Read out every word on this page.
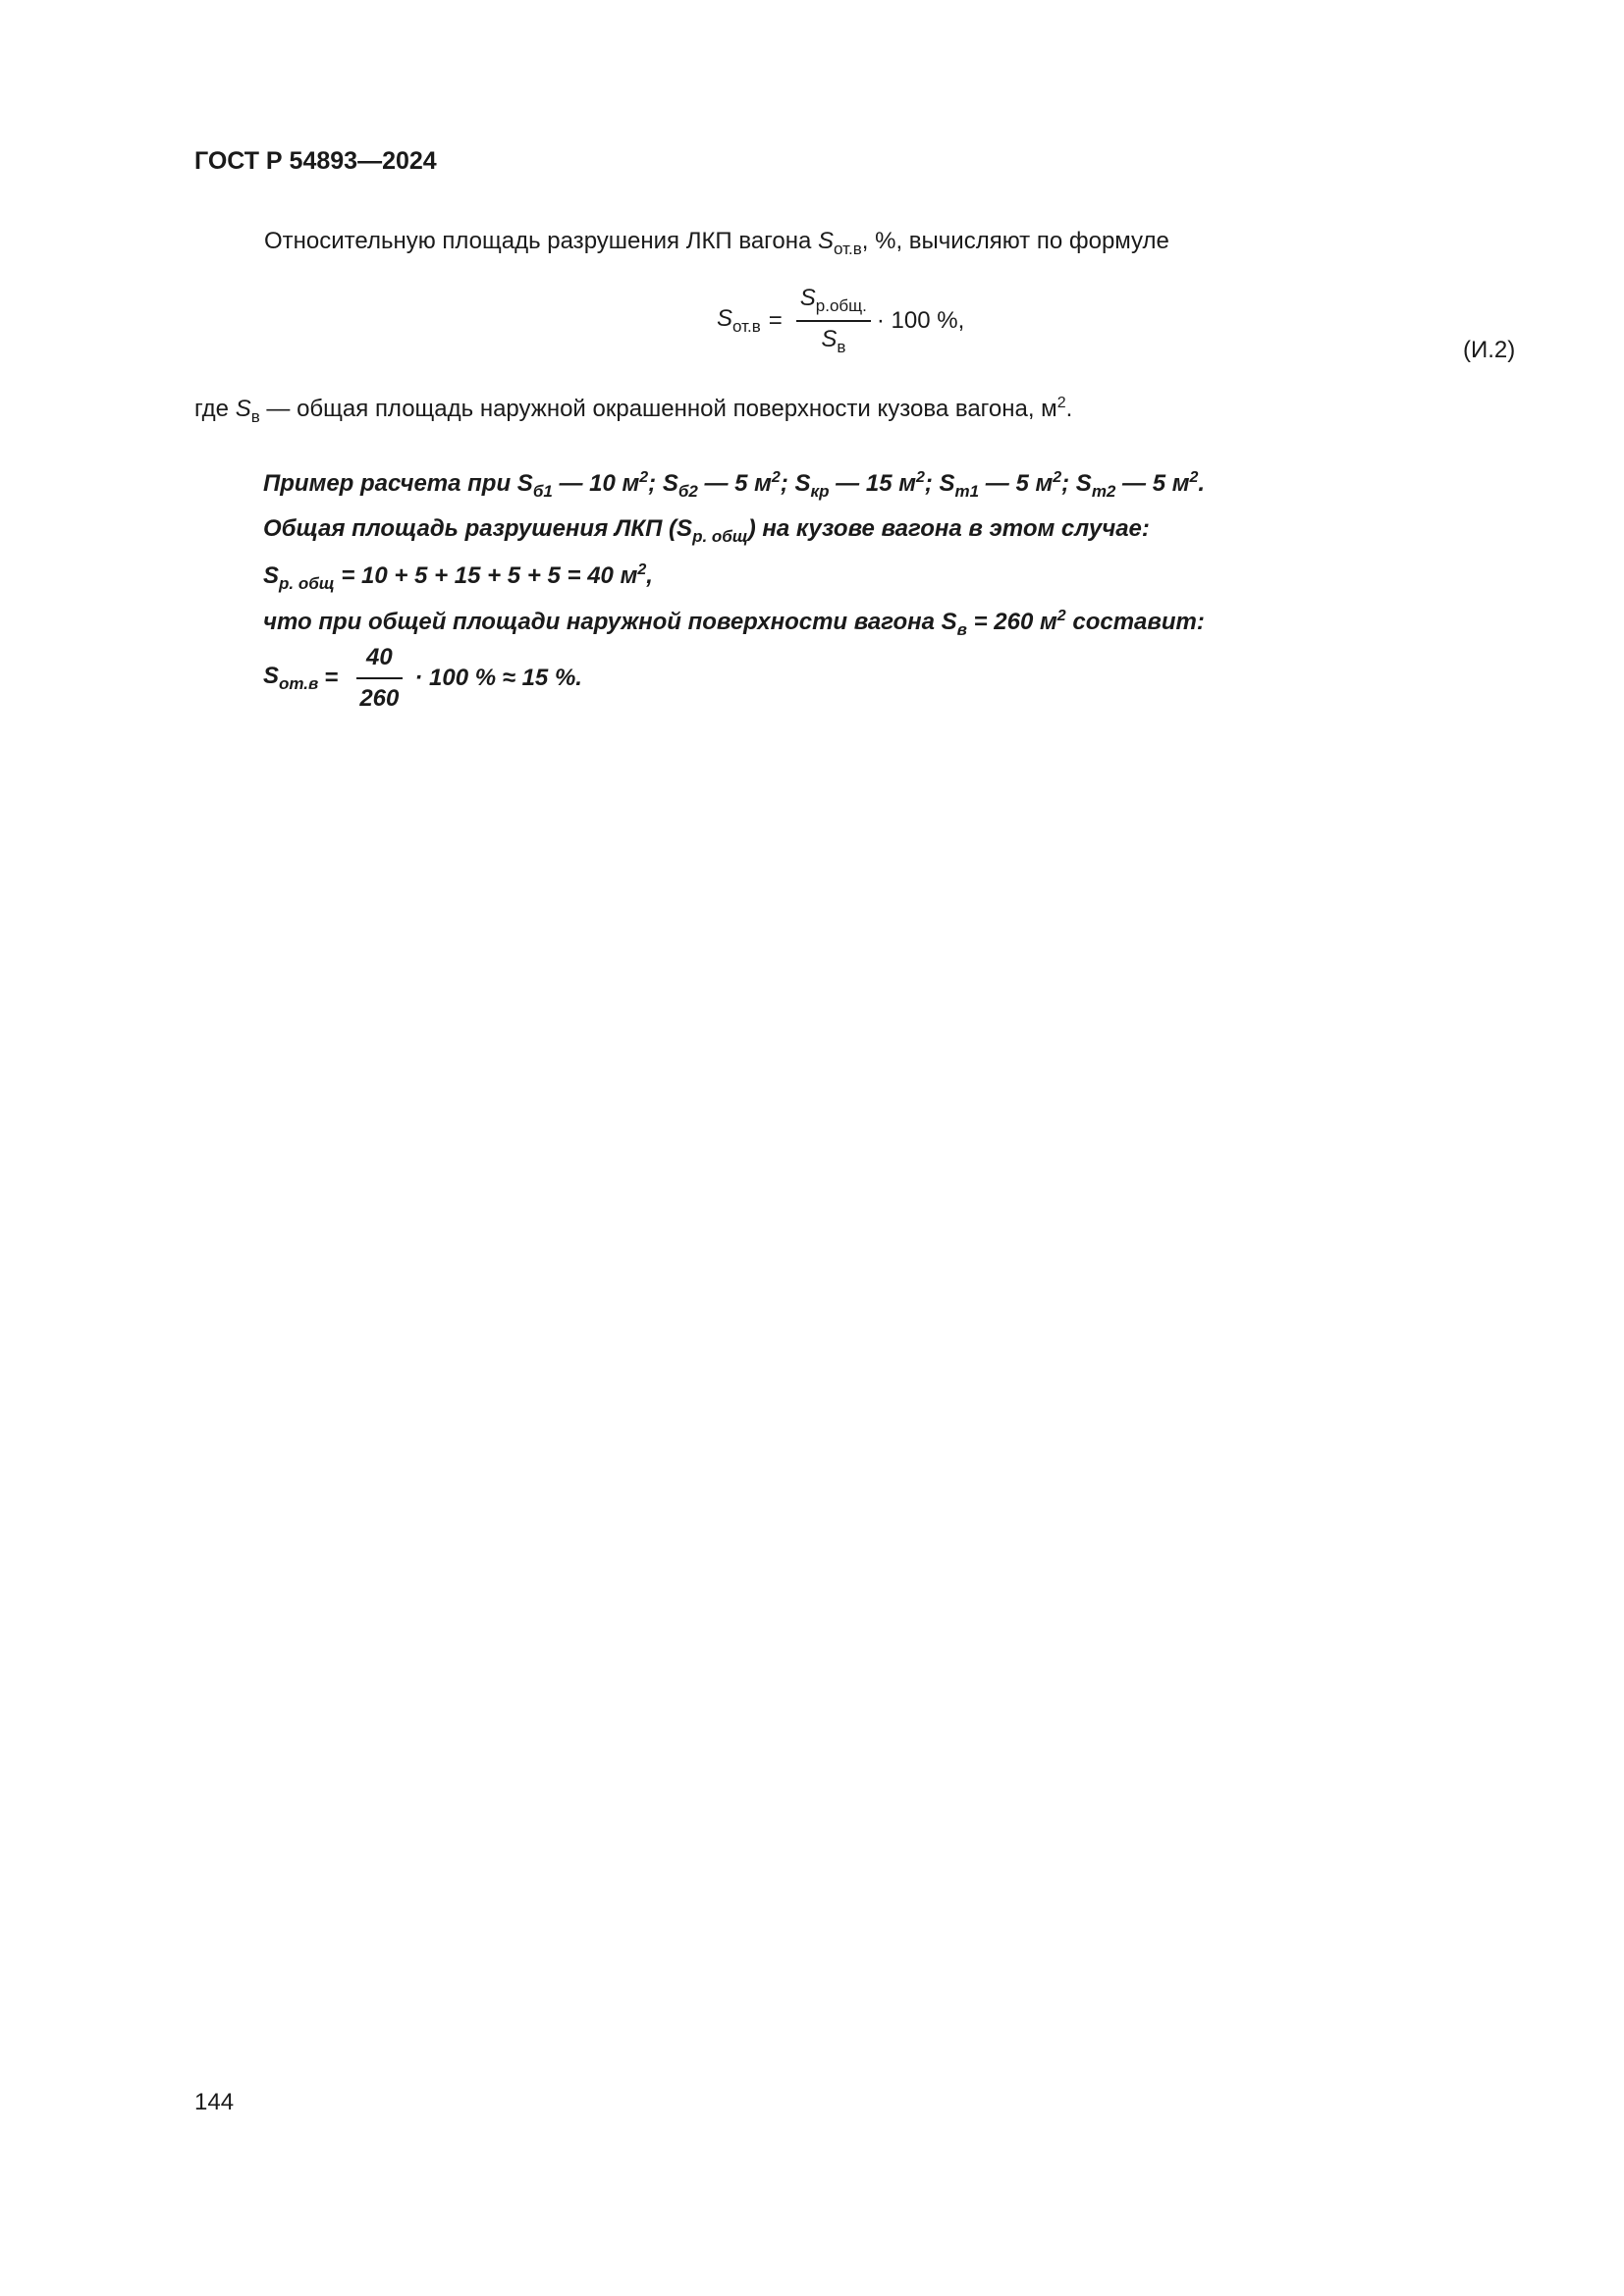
ГОСТ Р 54893—2024
Относительную площадь разрушения ЛКП вагона $S_{от.в}$, %, вычисляют по формуле
$S_{от.в} = \frac{S_{р.общ.}}{S_в} \cdot 100$ %,
(И.2)
где $S_в$ — общая площадь наружной окрашенной поверхности кузова вагона, $м^2$.
Пример расчета при $S_{б1}$ — 10 $м^2$; $S_{б2}$ — 5 $м^2$; $S_{кр}$ — 15 $м^2$; $S_{т1}$ — 5 $м^2$; $S_{т2}$ — 5 $м^2$.
Общая площадь разрушения ЛКП $(S_{р. общ})$ на кузове вагона в этом случае:
$S_{р. общ} = 10 + 5 + 15 + 5 + 5 = 40$ $м^2$,
что при общей площади наружной поверхности вагона $S_в = 260$ $м^2$ составит:
$S_{от.в} = \frac{40}{260} \cdot 100$ % ≈ 15 %.
144
